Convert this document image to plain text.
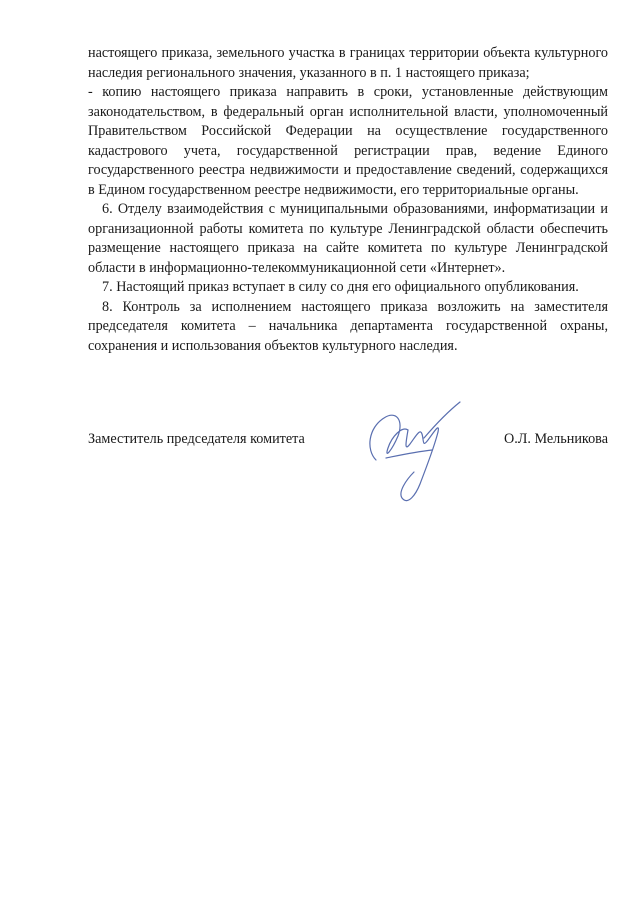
настоящего приказа, земельного участка в границах территории объекта культурного наследия регионального значения, указанного в п. 1 настоящего приказа;

- копию настоящего приказа направить в сроки, установленные действующим законодательством, в федеральный орган исполнительной власти, уполномоченный Правительством Российской Федерации на осуществление государственного кадастрового учета, государственной регистрации прав, ведение Единого государственного реестра недвижимости и предоставление сведений, содержащихся в Едином государственном реестре недвижимости, его территориальные органы.

6. Отделу взаимодействия с муниципальными образованиями, информатизации и организационной работы комитета по культуре Ленинградской области обеспечить размещение настоящего приказа на сайте комитета по культуре Ленинградской области в информационно-телекоммуникационной сети «Интернет».

7. Настоящий приказ вступает в силу со дня его официального опубликования.

8. Контроль за исполнением настоящего приказа возложить на заместителя председателя комитета – начальника департамента государственной охраны, сохранения и использования объектов культурного наследия.

Заместитель председателя комитета	О.Л. Мельникова
